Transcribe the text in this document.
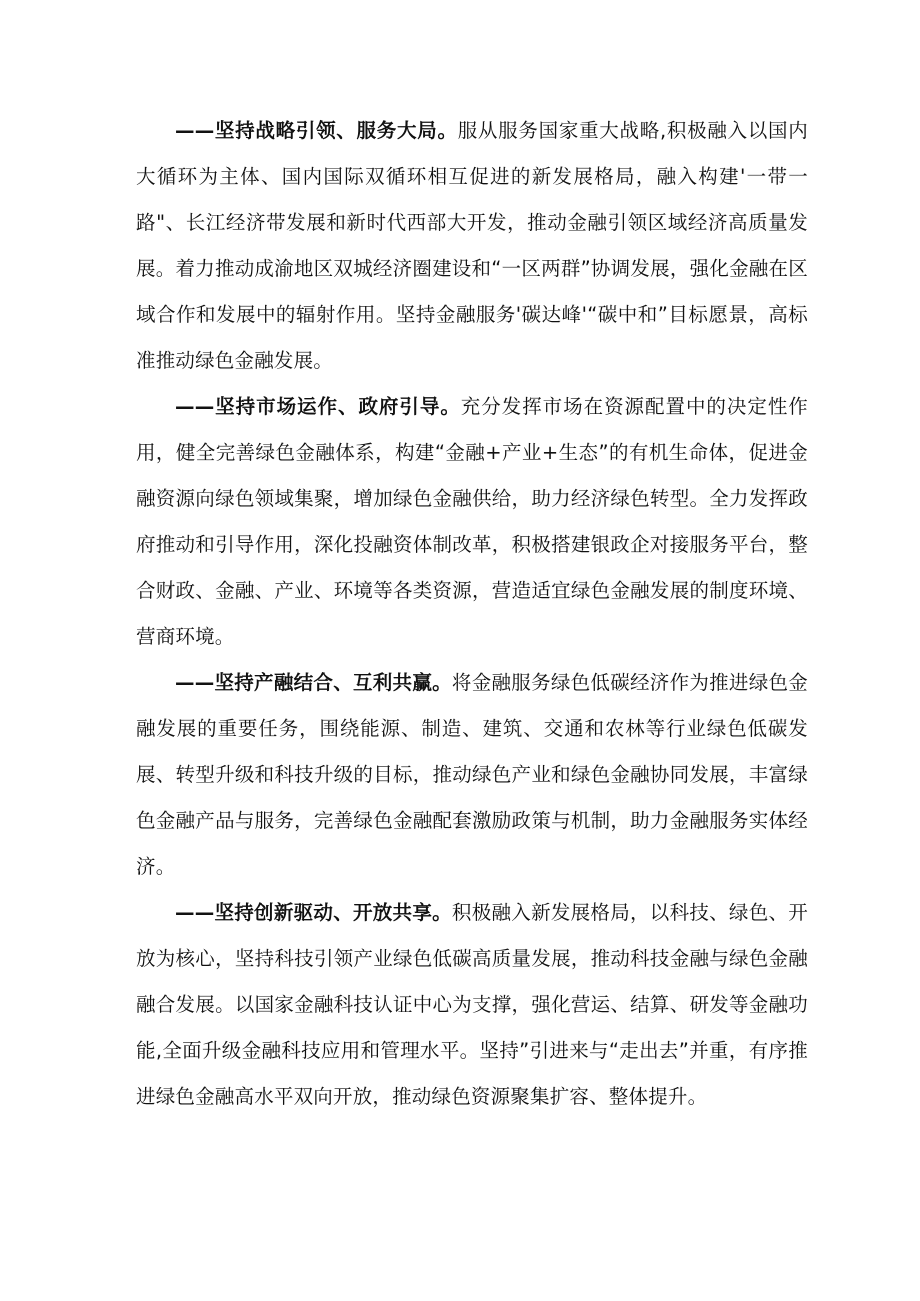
——坚持战略引领、服务大局。服从服务国家重大战略,积极融入以国内大循环为主体、国内国际双循环相互促进的新发展格局，融入构建'一带一路"、长江经济带发展和新时代西部大开发，推动金融引领区域经济高质量发展。着力推动成渝地区双城经济圈建设和“一区两群”协调发展，强化金融在区域合作和发展中的辐射作用。坚持金融服务'碳达峰'“碳中和”目标愿景，高标准推动绿色金融发展。

——坚持市场运作、政府引导。充分发挥市场在资源配置中的决定性作用，健全完善绿色金融体系，构建“金融+产业+生态”的有机生命体，促进金融资源向绿色领域集聚，增加绿色金融供给，助力经济绿色转型。全力发挥政府推动和引导作用，深化投融资体制改革，积极搭建银政企对接服务平台，整合财政、金融、产业、环境等各类资源，营造适宜绿色金融发展的制度环境、营商环境。

——坚持产融结合、互利共赢。将金融服务绿色低碳经济作为推进绿色金融发展的重要任务，围绕能源、制造、建筑、交通和农林等行业绿色低碳发展、转型升级和科技升级的目标，推动绿色产业和绿色金融协同发展，丰富绿色金融产品与服务，完善绿色金融配套激励政策与机制，助力金融服务实体经济。

——坚持创新驱动、开放共享。积极融入新发展格局，以科技、绿色、开放为核心，坚持科技引领产业绿色低碳高质量发展，推动科技金融与绿色金融融合发展。以国家金融科技认证中心为支撑，强化营运、结算、研发等金融功能,全面升级金融科技应用和管理水平。坚持”引进来与“走出去”并重，有序推进绿色金融高水平双向开放，推动绿色资源聚集扩容、整体提升。
